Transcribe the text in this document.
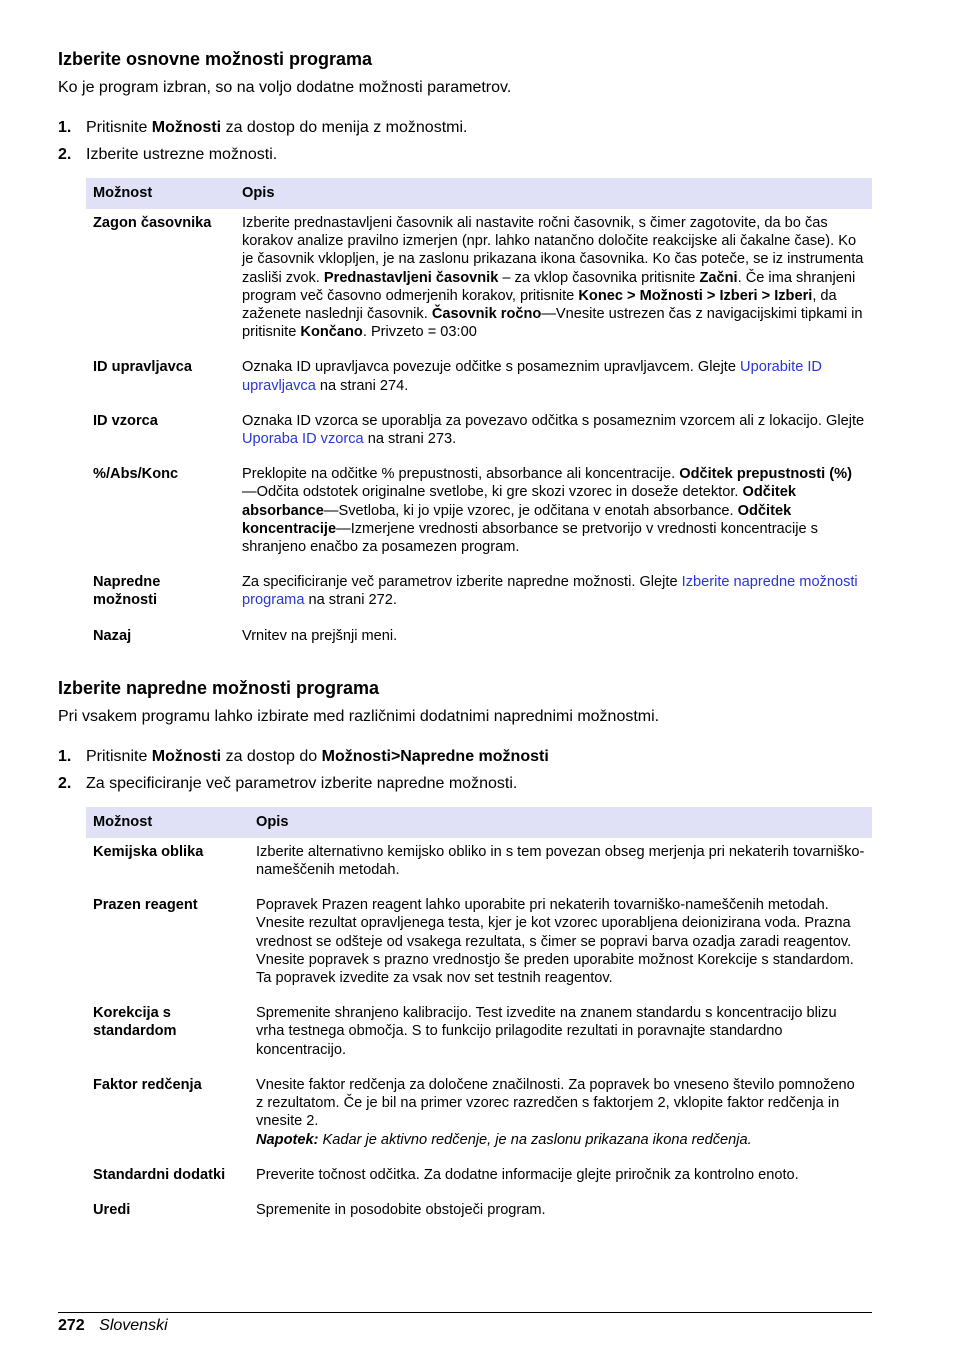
Izberite osnovne možnosti programa

Ko je program izbran, so na voljo dodatne možnosti parametrov.

1. Pritisnite Možnosti za dostop do menija z možnostmi.
2. Izberite ustrezne možnosti.
Možnost	Opis
Zagon časovnika	Izberite prednastavljeni časovnik ali nastavite ročni časovnik, s čimer zagotovite, da bo čas korakov analize pravilno izmerjen (npr. lahko natančno določite reakcijske ali čakalne čase). Ko je časovnik vklopljen, je na zaslonu prikazana ikona časovnika. Ko čas poteče, se iz instrumenta zasliši zvok. Prednastavljeni časovnik – za vklop časovnika pritisnite Začni. Če ima shranjeni program več časovno odmerjenih korakov, pritisnite Konec > Možnosti > Izberi > Izberi, da zaženete naslednji časovnik. Časovnik ročno—Vnesite ustrezen čas z navigacijskimi tipkami in pritisnite Končano. Privzeto = 03:00
ID upravljavca	Oznaka ID upravljavca povezuje odčitke s posameznim upravljavcem. Glejte Uporabite ID upravljavca na strani 274.
ID vzorca	Oznaka ID vzorca se uporablja za povezavo odčitka s posameznim vzorcem ali z lokacijo. Glejte Uporaba ID vzorca na strani 273.
%/Abs/Konc	Preklopite na odčitke % prepustnosti, absorbance ali koncentracije. Odčitek prepustnosti (%)—Odčita odstotek originalne svetlobe, ki gre skozi vzorec in doseže detektor. Odčitek absorbance—Svetloba, ki jo vpije vzorec, je odčitana v enotah absorbance. Odčitek koncentracije—Izmerjene vrednosti absorbance se pretvorijo v vrednosti koncentracije s shranjeno enačbo za posamezen program.
Napredne možnosti	Za specificiranje več parametrov izberite napredne možnosti. Glejte Izberite napredne možnosti programa na strani 272.
Nazaj	Vrnitev na prejšnji meni.
Izberite napredne možnosti programa

Pri vsakem programu lahko izbirate med različnimi dodatnimi naprednimi možnostmi.

1. Pritisnite Možnosti za dostop do Možnosti>Napredne možnosti
2. Za specificiranje več parametrov izberite napredne možnosti.
Možnost	Opis
Kemijska oblika	Izberite alternativno kemijsko obliko in s tem povezan obseg merjenja pri nekaterih tovarniško-nameščenih metodah.
Prazen reagent	Popravek Prazen reagent lahko uporabite pri nekaterih tovarniško-nameščenih metodah. Vnesite rezultat opravljenega testa, kjer je kot vzorec uporabljena deionizirana voda. Prazna vrednost se odšteje od vsakega rezultata, s čimer se popravi barva ozadja zaradi reagentov. Vnesite popravek s prazno vrednostjo še preden uporabite možnost Korekcije s standardom. Ta popravek izvedite za vsak nov set testnih reagentov.
Korekcija s standardom	Spremenite shranjeno kalibracijo. Test izvedite na znanem standardu s koncentracijo blizu vrha testnega območja. S to funkcijo prilagodite rezultati in poravnajte standardno koncentracijo.
Faktor redčenja	Vnesite faktor redčenja za določene značilnosti. Za popravek bo vneseno število pomnoženo z rezultatom. Če je bil na primer vzorec razredčen s faktorjem 2, vklopite faktor redčenja in vnesite 2.
Napotek: Kadar je aktivno redčenje, je na zaslonu prikazana ikona redčenja.
Standardni dodatki	Preverite točnost odčitka. Za dodatne informacije glejte priročnik za kontrolno enoto.
Uredi	Spremenite in posodobite obstoječi program.
272 Slovenski
